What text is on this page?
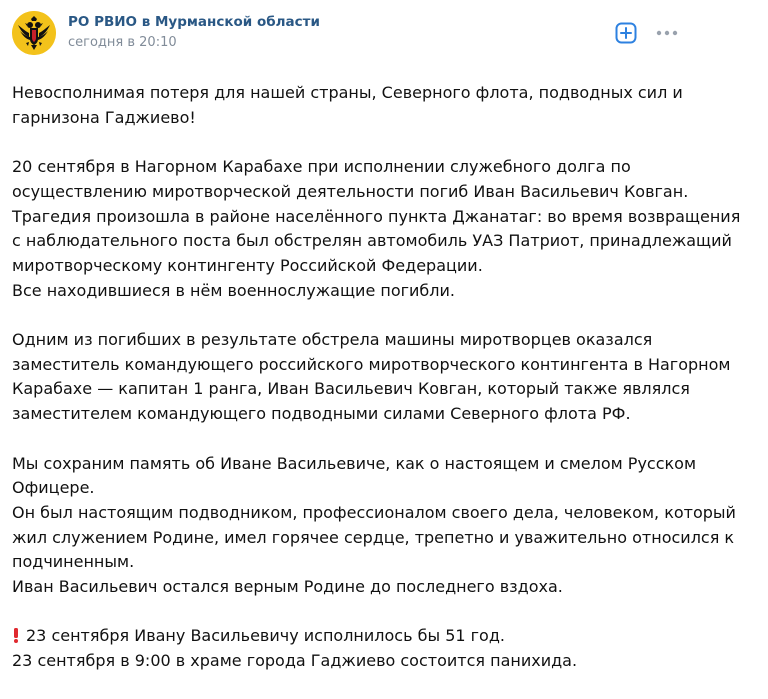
РО РВИО в Мурманской области
сегодня в 20:10
Невосполнимая потеря для нашей страны, Северного флота, подводных сил и
гарнизона Гаджиево!
20 сентября в Нагорном Карабахе при исполнении служебного долга по
осуществлению миротворческой деятельности погиб Иван Васильевич Ковган.
Трагедия произошла в районе населённого пункта Джанатаг: во время возвращения
с наблюдательного поста был обстрелян автомобиль УАЗ Патриот, принадлежащий
миротворческому контингенту Российской Федерации.
Все находившиеся в нём военнослужащие погибли.
Одним из погибших в результате обстрела машины миротворцев оказался
заместитель командующего российского миротворческого контингента в Нагорном
Карабахе — капитан 1 ранга, Иван Васильевич Ковган, который также являлся
заместителем командующего подводными силами Северного флота РФ.
Мы сохраним память об Иване Васильевиче, как о настоящем и смелом Русском
Офицере.
Он был настоящим подводником, профессионалом своего дела, человеком, который
жил служением Родине, имел горячее сердце, трепетно и уважительно относился к
подчиненным.
Иван Васильевич остался верным Родине до последнего вздоха.
23 сентября Ивану Васильевичу исполнилось бы 51 год.
23 сентября в 9:00 в храме города Гаджиево состоится панихида.
